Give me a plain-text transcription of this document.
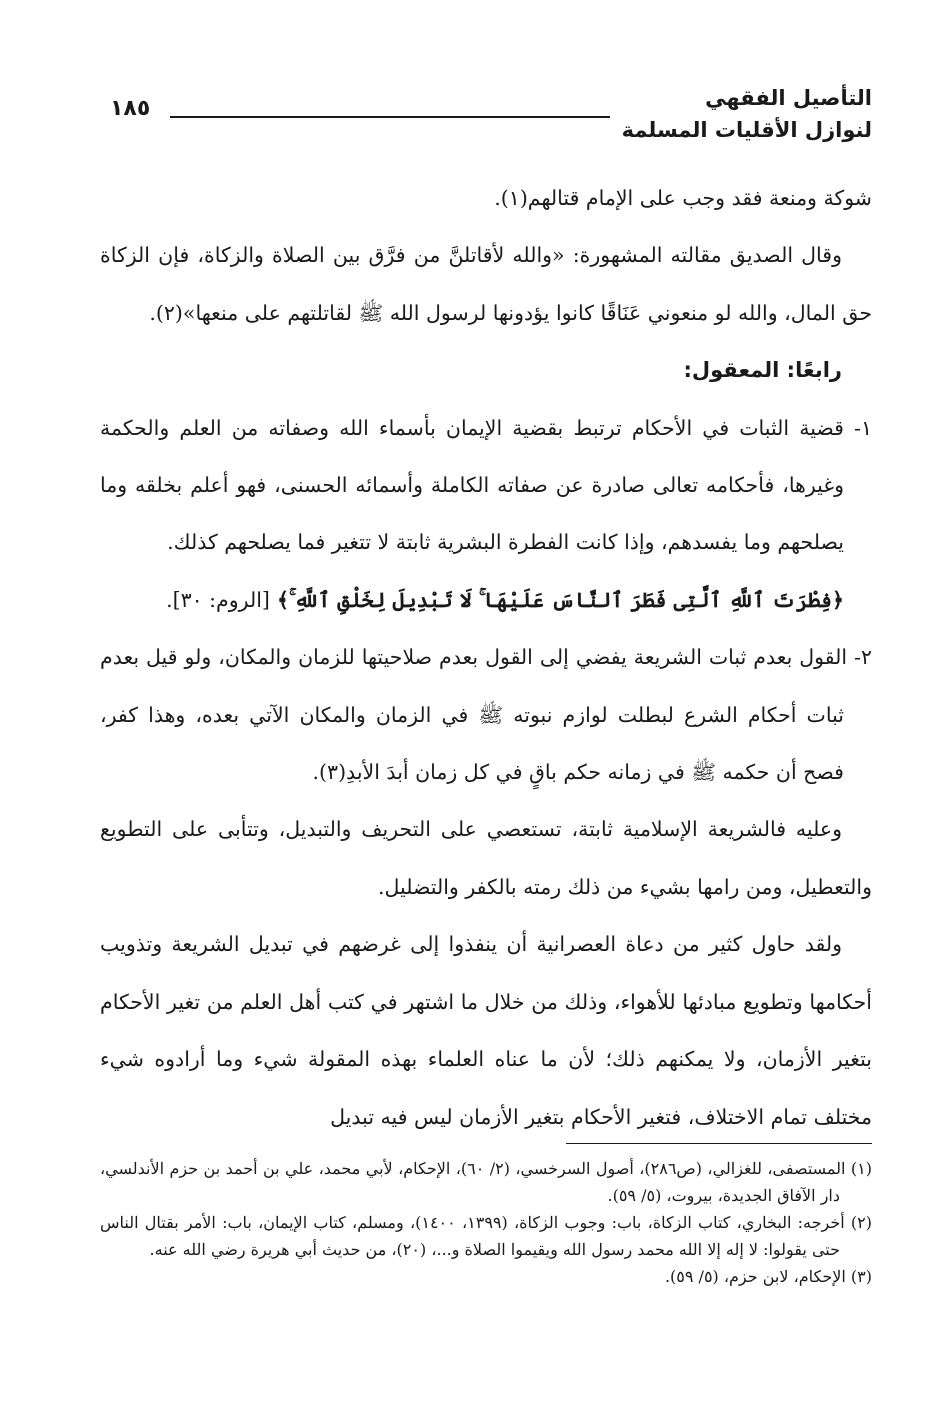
التأصيل الفقهي
لنوازل الأقليات المسلمة
١٨٥

شوكة ومنعة فقد وجب على الإمام قتالهم(١).

وقال الصديق مقالته المشهورة: «والله لأقاتلنَّ من فرَّق بين الصلاة والزكاة، فإن الزكاة حق المال، والله لو منعوني عَنَاقًا كانوا يؤدونها لرسول الله ﷺ لقاتلتهم على منعها»(٢).

رابعًا: المعقول:

١- قضية الثبات في الأحكام ترتبط بقضية الإيمان بأسماء الله وصفاته من العلم والحكمة وغيرها، فأحكامه تعالى صادرة عن صفاته الكاملة وأسمائه الحسنى، فهو أعلم بخلقه وما يصلحهم وما يفسدهم، وإذا كانت الفطرة البشرية ثابتة لا تتغير فما يصلحهم كذلك.

﴿فِطْرَتَ ٱللَّهِ ٱلَّتِى فَطَرَ ٱلنَّاسَ عَلَيْهَا ۚ لَا تَبْدِيلَ لِخَلْقِ ٱللَّهِ ۚ﴾ [الروم: ٣٠].

٢- القول بعدم ثبات الشريعة يفضي إلى القول بعدم صلاحيتها للزمان والمكان، ولو قيل بعدم ثبات أحكام الشرع لبطلت لوازم نبوته ﷺ في الزمان والمكان الآتي بعده، وهذا كفر، فصح أن حكمه ﷺ في زمانه حكم باقٍ في كل زمان أبدَ الأبدِ(٣).

وعليه فالشريعة الإسلامية ثابتة، تستعصي على التحريف والتبديل، وتتأبى على التطويع والتعطيل، ومن رامها بشيء من ذلك رمته بالكفر والتضليل.

ولقد حاول كثير من دعاة العصرانية أن ينفذوا إلى غرضهم في تبديل الشريعة وتذويب أحكامها وتطويع مبادئها للأهواء، وذلك من خلال ما اشتهر في كتب أهل العلم من تغير الأحكام بتغير الأزمان، ولا يمكنهم ذلك؛ لأن ما عناه العلماء بهذه المقولة شيء وما أرادوه شيء مختلف تمام الاختلاف، فتغير الأحكام بتغير الأزمان ليس فيه تبديل

(١) المستصفى، للغزالي، (ص٢٨٦)، أصول السرخسي، (٢/ ٦٠)، الإحكام، لأبي محمد، علي بن أحمد بن حزم الأندلسي، دار الآفاق الجديدة، بيروت، (٥/ ٥٩).

(٢) أخرجه: البخاري، كتاب الزكاة، باب: وجوب الزكاة، (١٣٩٩، ١٤٠٠)، ومسلم، كتاب الإيمان، باب: الأمر بقتال الناس حتى يقولوا: لا إله إلا الله محمد رسول الله ويقيموا الصلاة و...، (٢٠)، من حديث أبي هريرة رضي الله عنه.

(٣) الإحكام، لابن حزم، (٥/ ٥٩).
